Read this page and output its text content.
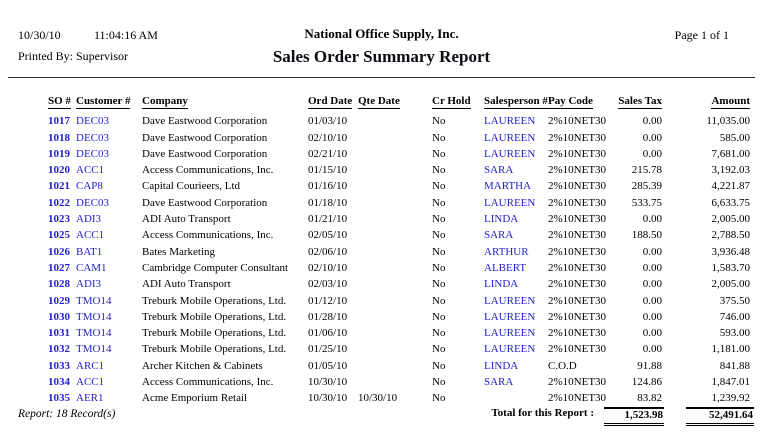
10/30/10	11:04:16 AM	National Office Supply, Inc.	Page 1 of 1
Printed By: Supervisor	Sales Order Summary Report
SO # Customer #	Company	Ord Date Qte Date	Cr Hold	Salesperson # Pay Code	Sales Tax	Amount
1017 DEC03	Dave Eastwood Corporation	01/03/10	No	LAUREEN	2%10NET30	0.00	11,035.00
1018 DEC03	Dave Eastwood Corporation	02/10/10	No	LAUREEN	2%10NET30	0.00	585.00
1019 DEC03	Dave Eastwood Corporation	02/21/10	No	LAUREEN	2%10NET30	0.00	7,681.00
1020 ACC1	Access Communications, Inc.	01/15/10	No	SARA	2%10NET30	215.78	3,192.03
1021 CAP8	Capital Courieers, Ltd	01/16/10	No	MARTHA	2%10NET30	285.39	4,221.87
1022 DEC03	Dave Eastwood Corporation	01/18/10	No	LAUREEN	2%10NET30	533.75	6,633.75
1023 ADI3	ADI Auto Transport	01/21/10	No	LINDA	2%10NET30	0.00	2,005.00
1025 ACC1	Access Communications, Inc.	02/05/10	No	SARA	2%10NET30	188.50	2,788.50
1026 BAT1	Bates Marketing	02/06/10	No	ARTHUR	2%10NET30	0.00	3,936.48
1027 CAM1	Cambridge Computer Consultant	02/10/10	No	ALBERT	2%10NET30	0.00	1,583.70
1028 ADI3	ADI Auto Transport	02/03/10	No	LINDA	2%10NET30	0.00	2,005.00
1029 TMO14	Treburk Mobile Operations, Ltd.	01/12/10	No	LAUREEN	2%10NET30	0.00	375.50
1030 TMO14	Treburk Mobile Operations, Ltd.	01/28/10	No	LAUREEN	2%10NET30	0.00	746.00
1031 TMO14	Treburk Mobile Operations, Ltd.	01/06/10	No	LAUREEN	2%10NET30	0.00	593.00
1032 TMO14	Treburk Mobile Operations, Ltd.	01/25/10	No	LAUREEN	2%10NET30	0.00	1,181.00
1033 ARC1	Archer Kitchen & Cabinets	01/05/10	No	LINDA	C.O.D	91.88	841.88
1034 ACC1	Access Communications, Inc.	10/30/10	No	SARA	2%10NET30	124.86	1,847.01
1035 AER1	Acme Emporium Retail	10/30/10 10/30/10	No	2%10NET30	83.82	1,239.92
Total for this Report :	1,523.98	52,491.64
Report: 18 Record(s)
